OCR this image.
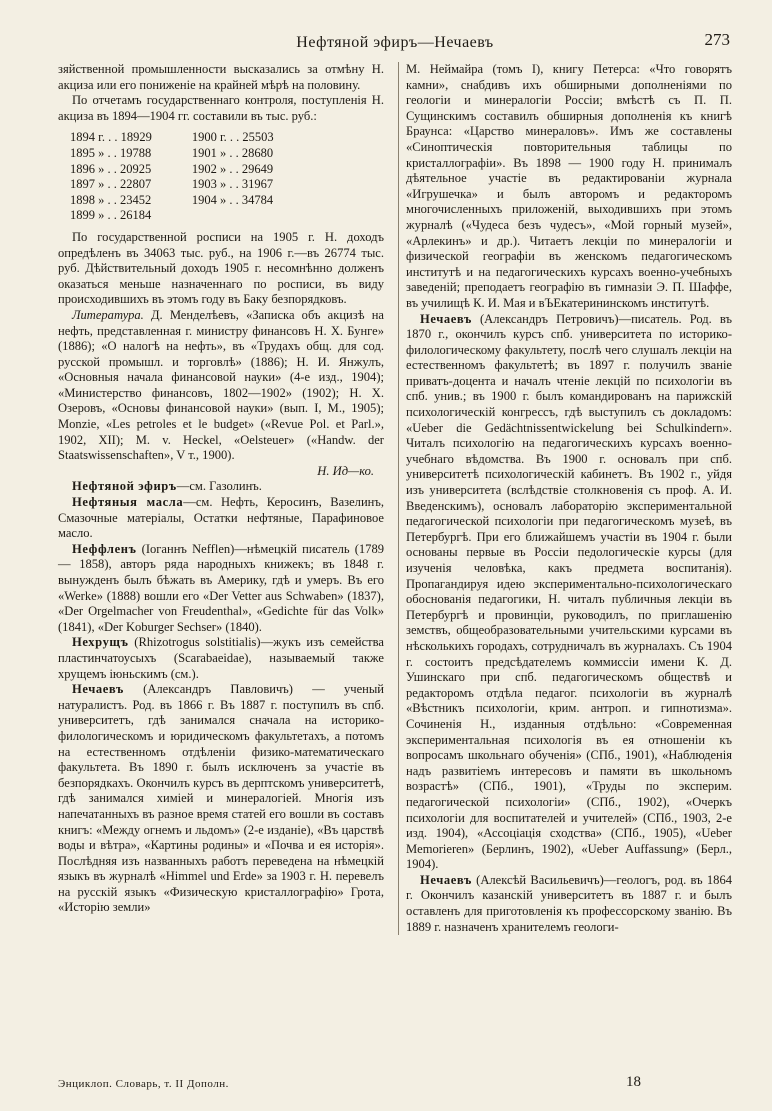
Нефтяной эфиръ—Нечаевъ	273

зяйственной промышленности высказались за отмѣну Н. акциза или его пониженіе на крайней мѣрѣ на половину.

По отчетамъ государственнаго контроля, поступленія Н. акциза въ 1894—1904 гг. составили въ тыс. руб.:

1894 г. . . 18929		1900 г. . . 25503
1895 » . . 19788		1901 » . . 28680
1896 » . . 20925		1902 » . . 29649
1897 » . . 22807		1903 » . . 31967
1898 » . . 23452		1904 » . . 34784
1899 » . . 26184		

По государственной росписи на 1905 г. Н. доходъ опредѣленъ въ 34063 тыс. руб., на 1906 г.—въ 26774 тыс. руб. Дѣйствительный доходъ 1905 г. несомнѣнно долженъ оказаться меньше назначеннаго по росписи, въ виду происходившихъ въ этомъ году въ Баку безпорядковъ.

Литература. Д. Менделѣевъ, «Записка объ акцизѣ на нефть, представленная г. министру финансовъ Н. Х. Бунге» (1886); «О налогѣ на нефть», въ «Трудахъ общ. для сод. русской промышл. и торговлѣ» (1886); Н. И. Янжулъ, «Основныя начала финансовой науки» (4-е изд., 1904); «Министерство финансовъ, 1802—1902» (1902); Н. Х. Озеровъ, «Основы финансовой науки» (вып. I, М., 1905); Monzie, «Les petroles et le budget» («Revue Pol. et Parl.», 1902, XII); M. v. Heckel, «Oelsteuer» («Handw. der Staatswissenschaften», V т., 1900).

Н. Ид—ко.

Нефтяной эфиръ—см. Газолинъ.

Нефтяныя масла—см. Нефть, Керосинъ, Вазелинъ, Смазочные матеріалы, Остатки нефтяные, Парафиновое масло.

Неффленъ (Іоганнъ Nefflen)—нѣмецкій писатель (1789 — 1858), авторъ ряда народныхъ книжекъ; въ 1848 г. вынужденъ былъ бѣжать въ Америку, гдѣ и умеръ. Въ его «Werke» (1888) вошли его «Der Vetter aus Schwaben» (1837), «Der Orgelmacher von Freudenthal», «Gedichte für das Volk» (1841), «Der Koburger Sechser» (1840).

Нехрущъ (Rhizotrogus solstitialis)—жукъ изъ семейства пластинчатоусыхъ (Scarabaeidae), называемый также хрущемъ іюньскимъ (см.).

Нечаевъ (Александръ Павловичъ) — ученый натуралистъ. Род. въ 1866 г. Въ 1887 г. поступилъ въ спб. университетъ, гдѣ занимался сначала на историко-филологическомъ и юридическомъ факультетахъ, а потомъ на естественномъ отдѣленіи физико-математическаго факультета. Въ 1890 г. былъ исключенъ за участіе въ безпорядкахъ. Окончилъ курсъ въ дерптскомъ университетѣ, гдѣ занимался химіей и минералогіей. Многія изъ напечатанныхъ въ разное время статей его вошли въ составъ книгъ: «Между огнемъ и льдомъ» (2-е изданіе), «Въ царствѣ воды и вѣтра», «Картины родины» и «Почва и ея исторія». Послѣдняя изъ названныхъ работъ переведена на нѣмецкій языкъ въ журналѣ «Himmel und Erde» за 1903 г. Н. перевелъ на русскій языкъ «Физическую кристаллографію» Грота, «Исторію земли»

М. Неймайра (томъ I), книгу Петерса: «Что говорятъ камни», снабдивъ ихъ обширными дополненіями по геологіи и минералогіи Россіи; вмѣстѣ съ П. П. Сущинскимъ составилъ обширныя дополненія къ книгѣ Браунса: «Царство минераловъ». Имъ же составлены «Синоптическія повторительныя таблицы по кристаллографіи». Въ 1898 — 1900 году Н. принималъ дѣятельное участіе въ редактированіи журнала «Игрушечка» и былъ авторомъ и редакторомъ многочисленныхъ приложеній, выходившихъ при этомъ журналѣ («Чудеса безъ чудесъ», «Мой горный музей», «Арлекинъ» и др.). Читаетъ лекціи по минералогіи и физической географіи въ женскомъ педагогическомъ институтѣ и на педагогическихъ курсахъ военно-учебныхъ заведеній; преподаетъ географію въ гимназіи Э. П. Шаффе, въ училищѣ К. И. Мая и вЪЕкатерининскомъ институтѣ.

Нечаевъ (Александръ Петровичъ)—писатель. Род. въ 1870 г., окончилъ курсъ спб. университета по историко-филологическому факультету, послѣ чего слушалъ лекціи на естественномъ факультетѣ; въ 1897 г. получилъ званіе приватъ-доцента и началъ чтеніе лекцій по психологіи въ спб. унив.; въ 1900 г. былъ командированъ на парижскій психологическій конгрессъ, гдѣ выступилъ съ докладомъ: «Ueber die Gedächtnissentwickelung bei Schulkindern». Читалъ психологію на педагогическихъ курсахъ военно-учебнаго вѣдомства. Въ 1900 г. основалъ при спб. университетѣ психологическій кабинетъ. Въ 1902 г., уйдя изъ университета (вслѣдствіе столкновенія съ проф. А. И. Введенскимъ), основалъ лабораторію экспериментальной педагогической психологіи при педагогическомъ музеѣ, въ Петербургѣ. При его ближайшемъ участіи въ 1904 г. были основаны первые въ Россіи педологическіе курсы (для изученія человѣка, какъ предмета воспитанія). Пропагандируя идею экспериментально-психологическаго обоснованія педагогики, Н. читалъ публичныя лекціи въ Петербургѣ и провинціи, руководилъ, по приглашенію земствъ, общеобразовательными учительскими курсами въ нѣсколькихъ городахъ, сотрудничалъ въ журналахъ. Съ 1904 г. состоитъ предсѣдателемъ коммиссіи имени К. Д. Ушинскаго при спб. педагогическомъ обществѣ и редакторомъ отдѣла педагог. психологіи въ журналѣ «Вѣстникъ психологіи, крим. антроп. и гипнотизма». Сочиненія Н., изданныя отдѣльно: «Современная экспериментальная психологія въ ея отношеніи къ вопросамъ школьнаго обученія» (СПб., 1901), «Наблюденія надъ развитіемъ интересовъ и памяти въ школьномъ возрастѣ» (СПб., 1901), «Труды по эксперим. педагогической психологіи» (СПб., 1902), «Очеркъ психологіи для воспитателей и учителей» (СПб., 1903, 2-е изд. 1904), «Ассоціація сходства» (СПб., 1905), «Ueber Memorieren» (Берлинъ, 1902), «Ueber Auffassung» (Берл., 1904).

Нечаевъ (Алексѣй Васильевичъ)—геологъ, род. въ 1864 г. Окончилъ казанскій университетъ въ 1887 г. и былъ оставленъ для приготовленія къ профессорскому званію. Въ 1889 г. назначенъ хранителемъ геологи-

Энциклоп. Словарь, т. II Дополн.	18
